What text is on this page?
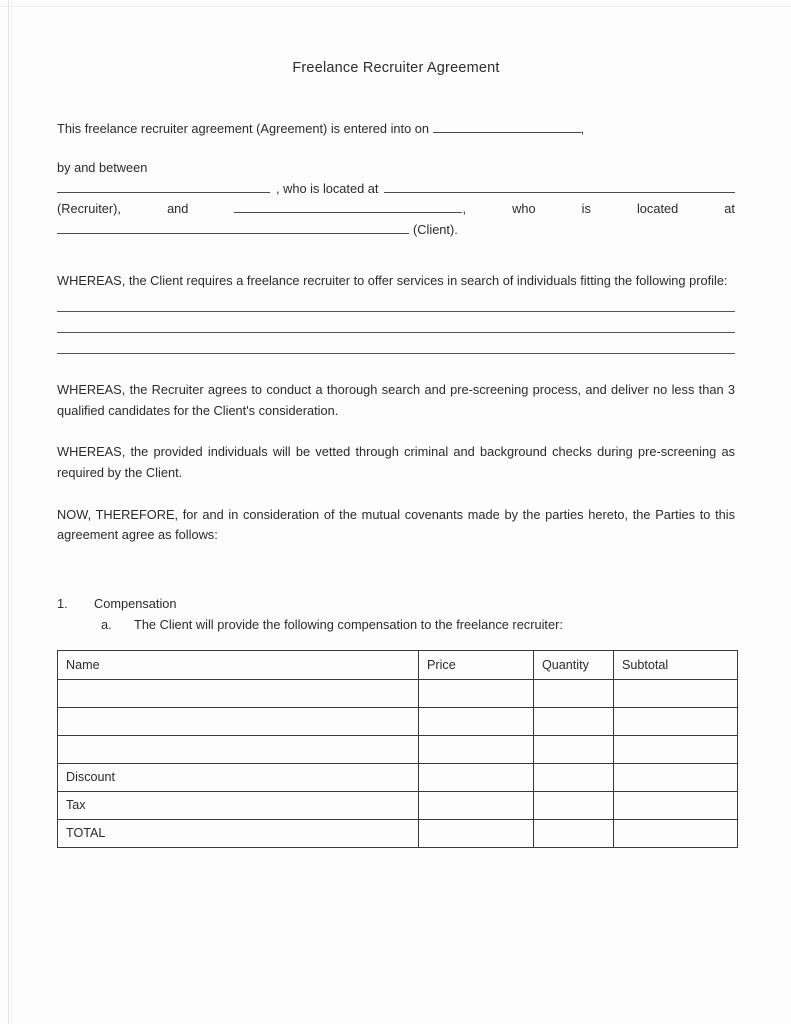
Freelance Recruiter Agreement

This freelance recruiter agreement (Agreement) is entered into on	,

by and between

, who is located at
(Recruiter),	and	,	who	is	located	at
(Client).

WHEREAS, the Client requires a freelance recruiter to offer services in search of individuals fitting the following profile:

WHEREAS, the Recruiter agrees to conduct a thorough search and pre-screening process, and deliver no less than 3 qualified candidates for the Client's consideration.

WHEREAS, the provided individuals will be vetted through criminal and background checks during pre-screening as required by the Client.

NOW, THEREFORE, for and in consideration of the mutual covenants made by the parties hereto, the Parties to this agreement agree as follows:

1.	Compensation
a.	The Client will provide the following compensation to the freelance recruiter:
Name	Price	Quantity	Subtotal

Discount			
Tax			
TOTAL			
